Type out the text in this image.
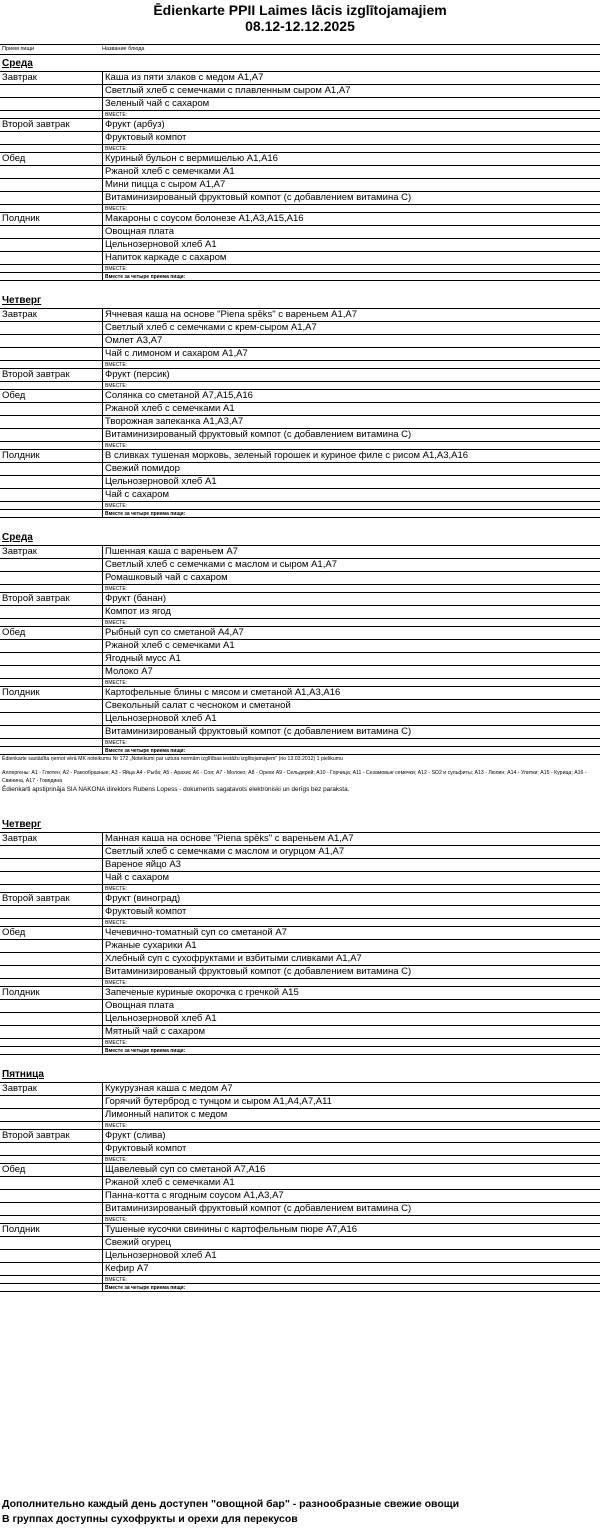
Ēdienkarte PPII Laimes lācis izglītojamajiem
08.12-12.12.2025
Прием пищи	Название блюда
Среда
Завтрак	Каша из пяти злаков с медом A1,A7
Светлый хлеб с семечками с плавленным сыром A1,A7
Зеленый чай с сахаром
ВМЕСТЕ:
Второй завтрак	Фрукт (арбуз)
Фруктовый компот
ВМЕСТЕ:
Обед	Куриный бульон с вермишелью A1,A16
Ржаной хлеб с семечками A1
Мини пицца с сыром A1,A7
Витаминизированый фруктовый компот (с добавлением витамина C)
ВМЕСТЕ:
Полдник	Макароны с соусом болонезе A1,A3,A15,A16
Овощная плата
Цельнозерновой хлеб A1
Напиток каркаде с сахаром
ВМЕСТЕ:
Вместе за четыре приема пищи:
Четверг
Завтрак	Ячневая каша на основе "Piena spēks" с вареньем A1,A7
Светлый хлеб с семечками с крем-сыром A1,A7
Омлет A3,A7
Чай с лимоном и сахаром A1,A7
ВМЕСТЕ:
Второй завтрак	Фрукт (персик)
ВМЕСТЕ:
Обед	Солянка со сметаной A7,A15,A16
Ржаной хлеб с семечками A1
Творожная запеканка A1,A3,A7
Витаминизированый фруктовый компот (с добавлением витамина C)
ВМЕСТЕ:
Полдник	В сливках тушеная морковь, зеленый горошек и куриное филе с рисом A1,A3,A16
Свежий помидор
Цельнозерновой хлеб A1
Чай с сахаром
ВМЕСТЕ:
Вместе за четыре приема пищи:
Среда
Завтрак	Пшенная каша с вареньем A7
Светлый хлеб с семечками с маслом и сыром A1,A7
Ромашковый чай с сахаром
ВМЕСТЕ:
Второй завтрак	Фрукт (банан)
Компот из ягод
ВМЕСТЕ:
Обед	Рыбный суп со сметаной A4,A7
Ржаной хлеб с семечками A1
Ягодный мусс A1
Молоко A7
ВМЕСТЕ:
Полдник	Картофельные блины с мясом и сметаной A1,A3,A16
Свекольный салат с чесноком и сметаной
Цельнозерновой хлеб A1
Витаминизированый фруктовый компот (с добавлением витамина C)
ВМЕСТЕ:
Вместе за четыре приема пищи:
Ēdienkarte sastādīta ņemot vērā MK noteikumu Nr 172 „Noteikumi par uztura normām izglītības iestāžu izglītojamajiem" (no 13.03.2012) 1 pielikumu
Аллергены: A1 - Глютен; A2 - Ракообразные; A3 - Яйца A4 - Рыба; A5 - Арахис A6 - Соя; A7 - Молоко; A8 - Орехи A9 - Сельдерей; A10 - Горчица; A11 - Сезамовые семечки; A12 - SO2 и сульфиты; A13 - Люпин; A14 - Улитки; A15 - Курица; A16 - Свинина, A17 - Говядина
Ēdienkarti apstiprināja SIA NAKONA direktors Rubens Lopess - dokuments sagatavots elektroniski un derīgs bez paraksta.
Четверг
Завтрак	Манная каша на основе "Piena spēks" с вареньем A1,A7
Светлый хлеб с семечками с маслом и огурцом A1,A7
Вареное яйцо A3
Чай с сахаром
ВМЕСТЕ:
Второй завтрак	Фрукт (виноград)
Фруктовый компот
ВМЕСТЕ:
Обед	Чечевично-томатный суп со сметаной A7
Ржаные сухарики A1
Хлебный суп с сухофруктами и взбитыми сливками A1,A7
Витаминизированый фруктовый компот (с добавлением витамина C)
ВМЕСТЕ:
Полдник	Запеченые куриные окорочка с гречкой A15
Овощная плата
Цельнозерновой хлеб A1
Мятный чай с сахаром
ВМЕСТЕ:
Вместе за четыре приема пищи:
Пятница
Завтрак	Кукурузная каша с медом A7
Горячий бутерброд с тунцом и сыром A1,A4,A7,A11
Лимонный напиток с медом
ВМЕСТЕ:
Второй завтрак	Фрукт (слива)
Фруктовый компот
ВМЕСТЕ:
Обед	Щавелевый суп со сметаной A7,A16
Ржаной хлеб с семечками A1
Панна-котта с ягодным соусом A1,A3,A7
Витаминизированый фруктовый компот (с добавлением витамина C)
ВМЕСТЕ:
Полдник	Тушеные кусочки свинины с картофельным пюре A7,A16
Свежий огурец
Цельнозерновой хлеб A1
Кефир A7
ВМЕСТЕ:
Вместе за четыре приема пищи:
Дополнительно каждый день доступен "овощной бар" - разнообразные свежие овощи
В группах доступны сухофрукты и орехи для перекусов
